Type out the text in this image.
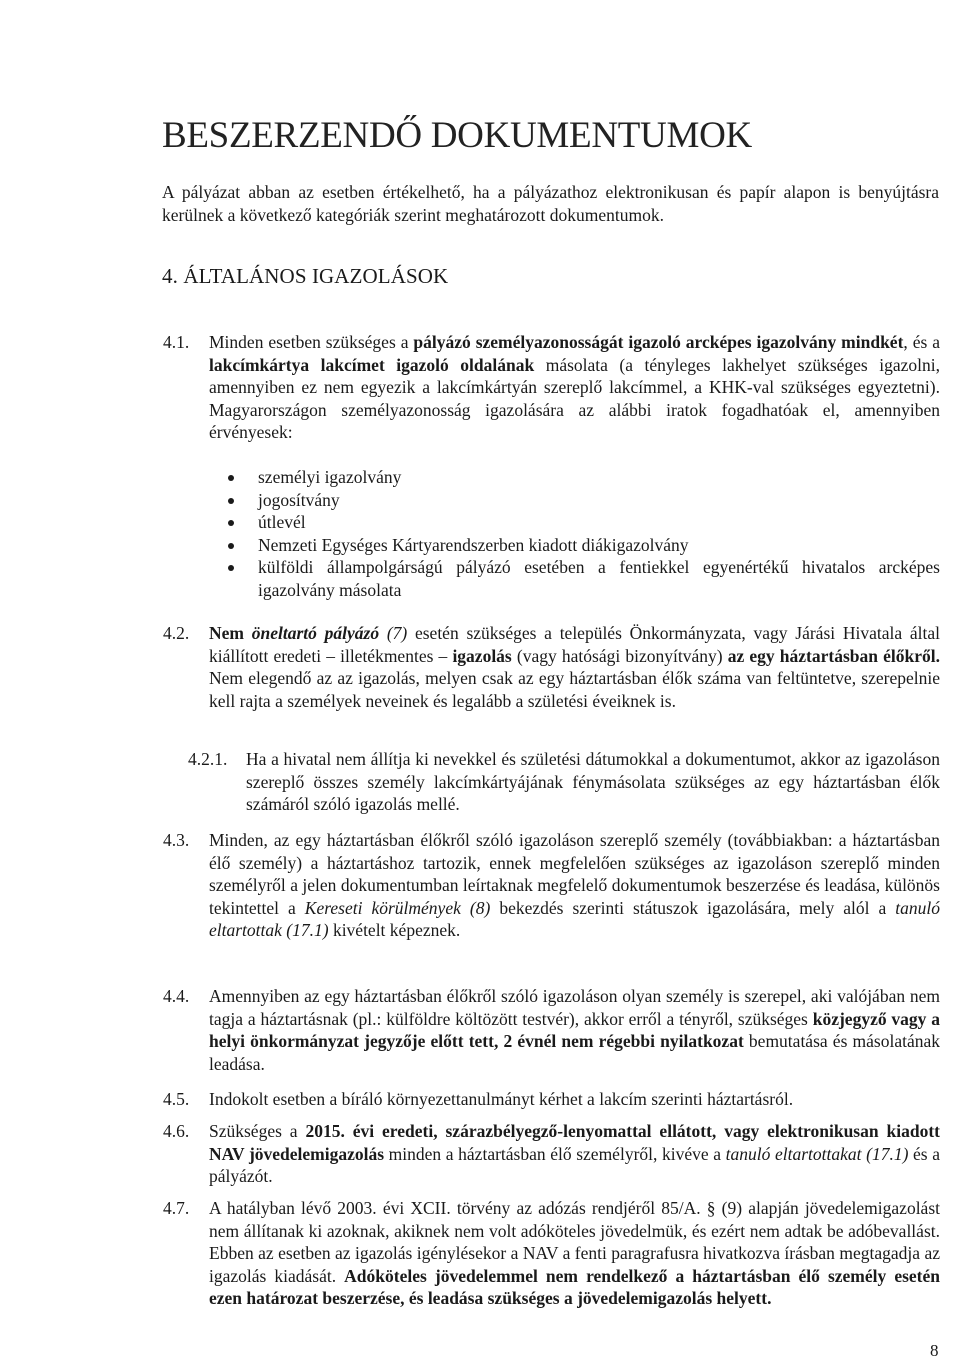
BESZERZENDŐ DOKUMENTUMOK
A pályázat abban az esetben értékelhető, ha a pályázathoz elektronikusan és papír alapon is benyújtásra kerülnek a következő kategóriák szerint meghatározott dokumentumok.
4. ÁLTALÁNOS IGAZOLÁSOK
4.1. Minden esetben szükséges a pályázó személyazonosságát igazoló arcképes igazolvány mindkét, és a lakcímkártya lakcímet igazoló oldalának másolata (a tényleges lakhelyet szükséges igazolni, amennyiben ez nem egyezik a lakcímkártyán szereplő lakcímmel, a KHK-val szükséges egyeztetni). Magyarországon személyazonosság igazolására az alábbi iratok fogadhatóak el, amennyiben érvényesek:
személyi igazolvány
jogosítvány
útlevél
Nemzeti Egységes Kártyarendszerben kiadott diákigazolvány
külföldi állampolgárságú pályázó esetében a fentiekkel egyenértékű hivatalos arcképes igazolvány másolata
4.2. Nem öneltartó pályázó (7) esetén szükséges a település Önkormányzata, vagy Járási Hivatala által kiállított eredeti – illetékmentes – igazolás (vagy hatósági bizonyítvány) az egy háztartásban élőkről. Nem elegendő az az igazolás, melyen csak az egy háztartásban élők száma van feltüntetve, szerepelnie kell rajta a személyek neveinek és legalább a születési éveiknek is.
4.2.1. Ha a hivatal nem állítja ki nevekkel és születési dátumokkal a dokumentumot, akkor az igazoláson szereplő összes személy lakcímkártyájának fénymásolata szükséges az egy háztartásban élők számáról szóló igazolás mellé.
4.3. Minden, az egy háztartásban élőkről szóló igazoláson szereplő személy (továbbiakban: a háztartásban élő személy) a háztartáshoz tartozik, ennek megfelelően szükséges az igazoláson szereplő minden személyről a jelen dokumentumban leírtaknak megfelelő dokumentumok beszerzése és leadása, különös tekintettel a Kereseti körülmények (8) bekezdés szerinti státuszok igazolására, mely alól a tanuló eltartottak (17.1) kivételt képeznek.
4.4. Amennyiben az egy háztartásban élőkről szóló igazoláson olyan személy is szerepel, aki valójában nem tagja a háztartásnak (pl.: külföldre költözött testvér), akkor erről a tényről, szükséges közjegyző vagy a helyi önkormányzat jegyzője előtt tett, 2 évnél nem régebbi nyilatkozat bemutatása és másolatának leadása.
4.5. Indokolt esetben a bíráló környezettanulmányt kérhet a lakcím szerinti háztartásról.
4.6. Szükséges a 2015. évi eredeti, szárazbélyegző-lenyomattal ellátott, vagy elektronikusan kiadott NAV jövedelemigazolás minden a háztartásban élő személyről, kivéve a tanuló eltartottakat (17.1) és a pályázót.
4.7. A hatályban lévő 2003. évi XCII. törvény az adózás rendjéről 85/A. § (9) alapján jövedelemigazolást nem állítanak ki azoknak, akiknek nem volt adóköteles jövedelmük, és ezért nem adtak be adóbevallást. Ebben az esetben az igazolás igénylésekor a NAV a fenti paragrafusra hivatkozva írásban megtagadja az igazolás kiadását. Adóköteles jövedelemmel nem rendelkező a háztartásban élő személy esetén ezen határozat beszerzése, és leadása szükséges a jövedelemigazolás helyett.
8
